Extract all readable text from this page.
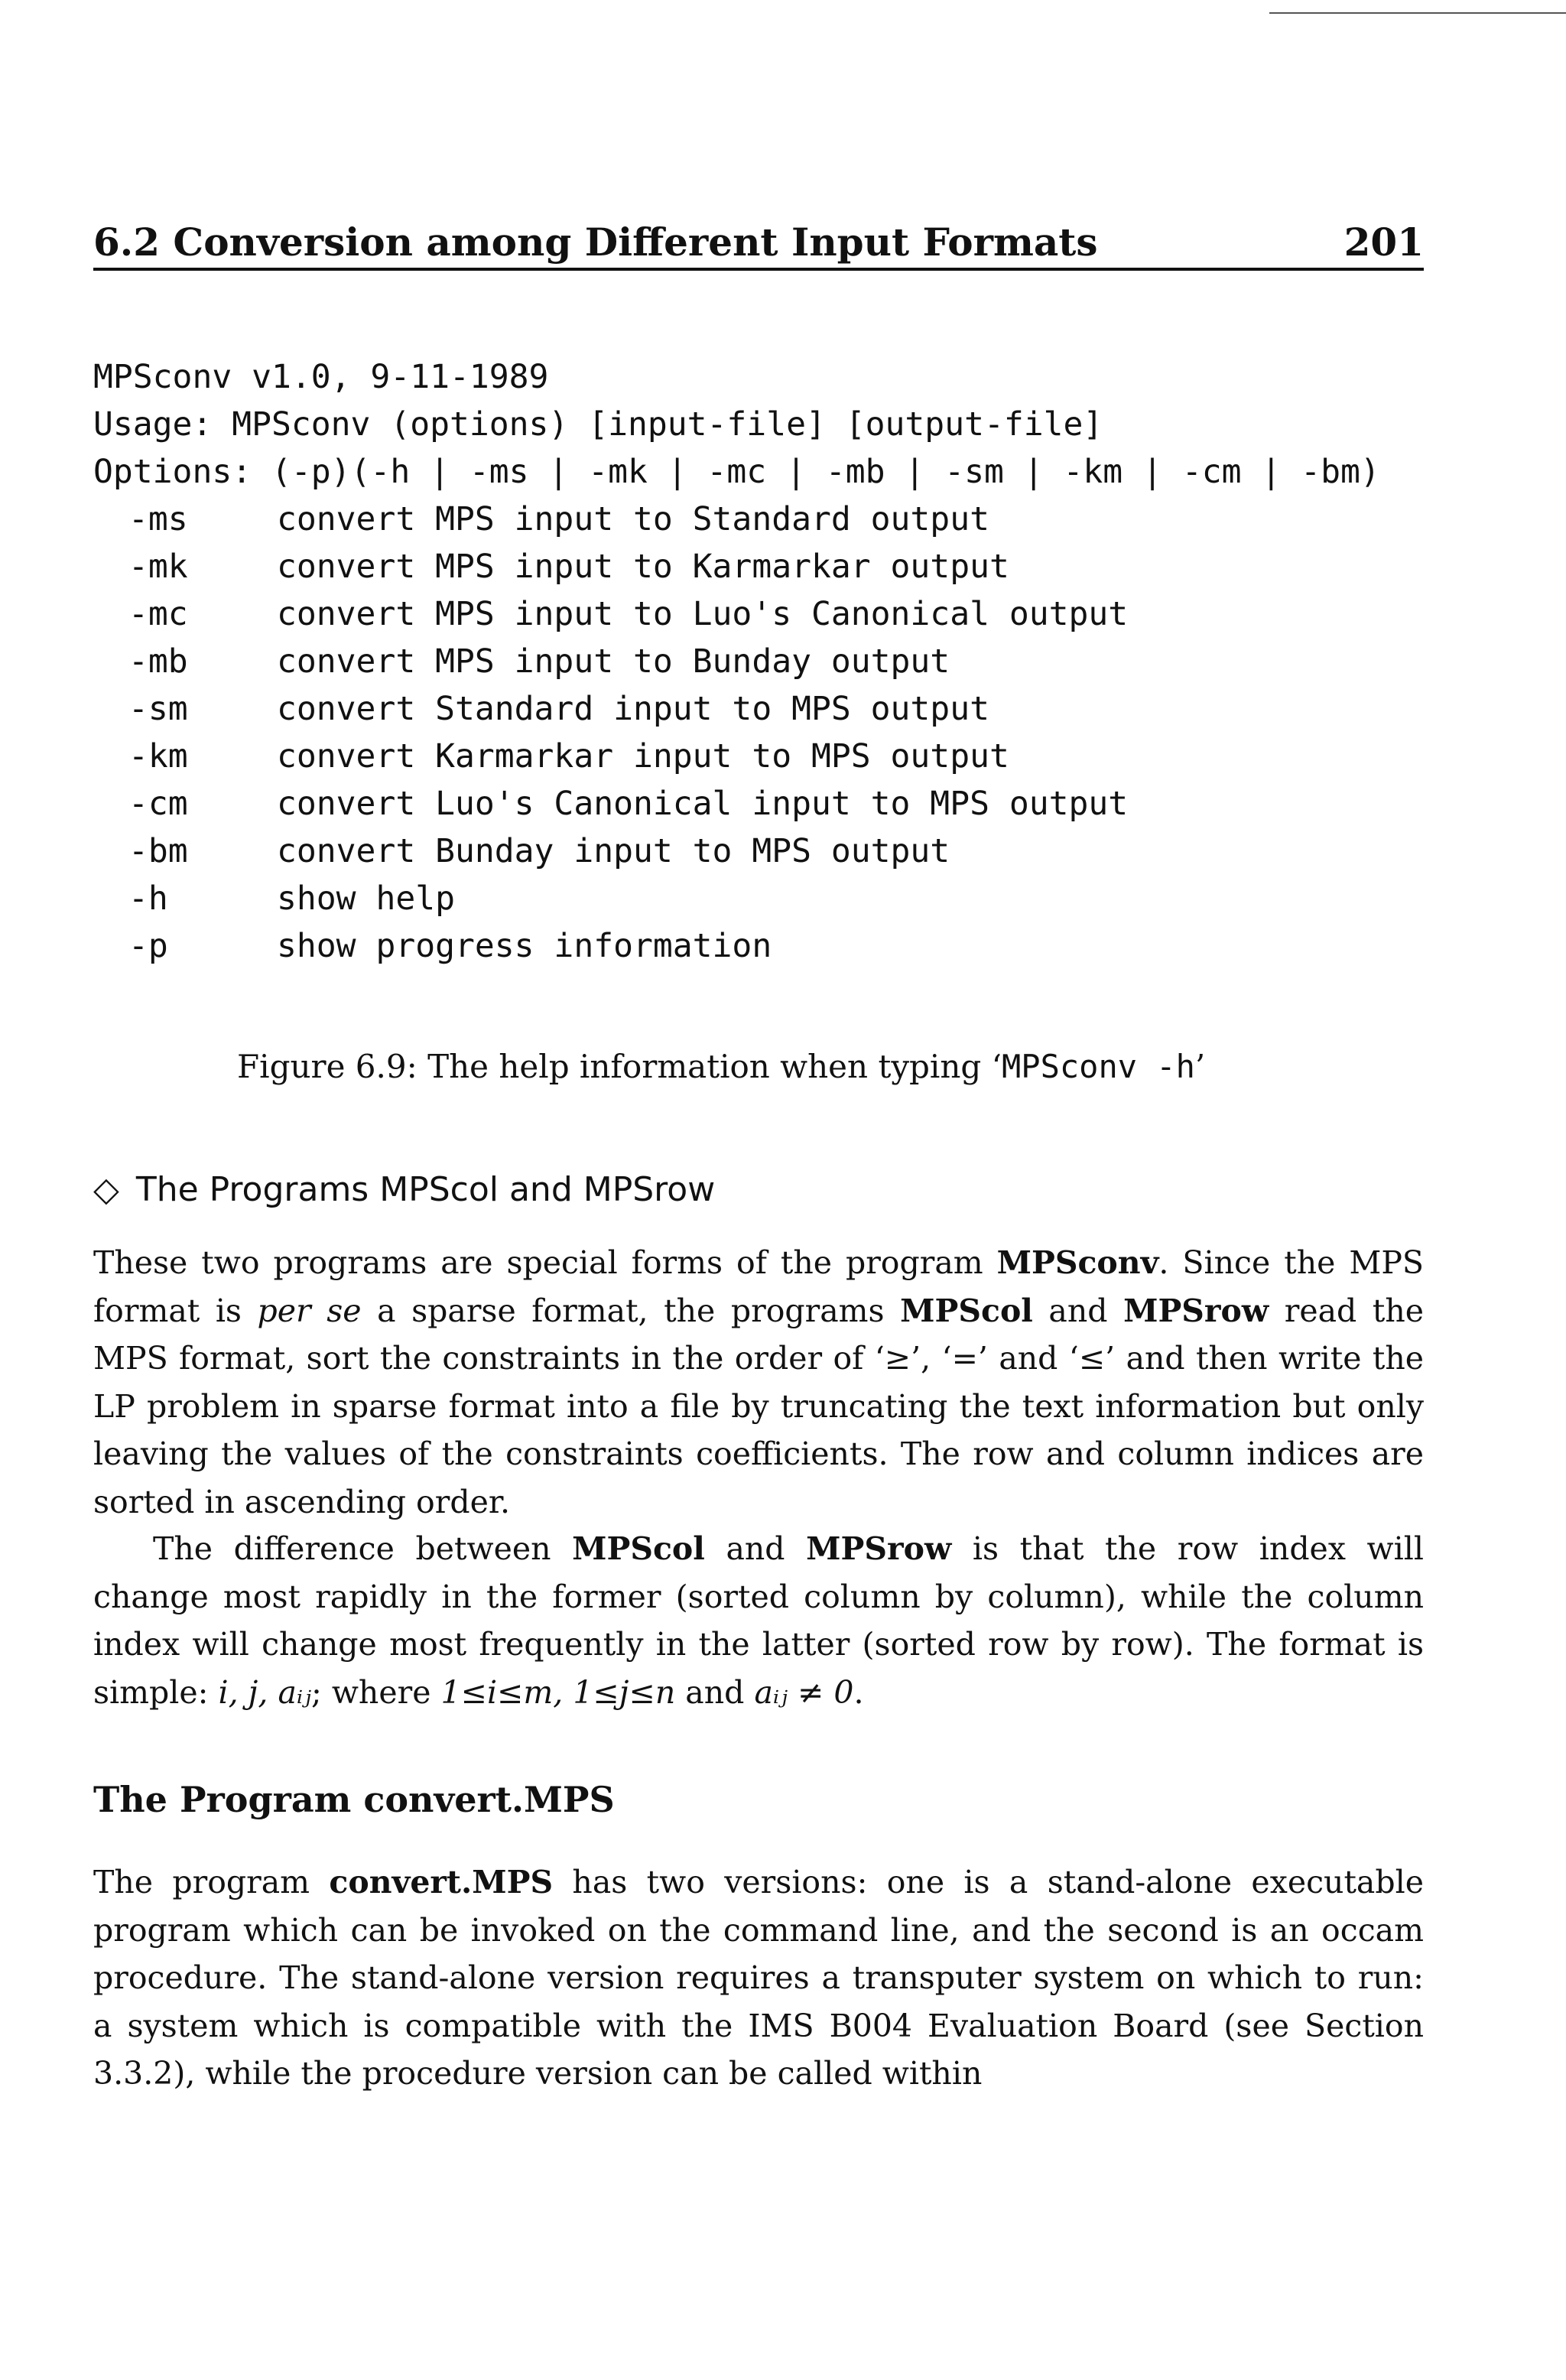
6.2 Conversion among Different Input Formats	201
MPSconv v1.0, 9-11-1989
Usage: MPSconv (options) [input-file] [output-file]
Options: (-p)(-h | -ms | -mk | -mc | -mb | -sm | -km | -cm | -bm)
-ms	convert MPS input to Standard output
-mk	convert MPS input to Karmarkar output
-mc	convert MPS input to Luo's Canonical output
-mb	convert MPS input to Bunday output
-sm	convert Standard input to MPS output
-km	convert Karmarkar input to MPS output
-cm	convert Luo's Canonical input to MPS output
-bm	convert Bunday input to MPS output
-h	show help
-p	show progress information
Figure 6.9: The help information when typing ‘MPSconv -h’
◇ The Programs MPScol and MPSrow
These two programs are special forms of the program MPSconv. Since the MPS format is per se a sparse format, the programs MPScol and MPSrow read the MPS format, sort the constraints in the order of ‘≥’, ‘=’ and ‘≤’ and then write the LP problem in sparse format into a file by truncating the text information but only leaving the values of the constraints coefficients. The row and column indices are sorted in ascending order.
The difference between MPScol and MPSrow is that the row index will change most rapidly in the former (sorted column by column), while the column index will change most frequently in the latter (sorted row by row). The format is simple: i, j, aᵢⱼ; where 1≤i≤m, 1≤j≤n and aᵢⱼ ≠ 0.
The Program convert.MPS
The program convert.MPS has two versions: one is a stand-alone executable program which can be invoked on the command line, and the second is an occam procedure. The stand-alone version requires a transputer system on which to run: a system which is compatible with the IMS B004 Evaluation Board (see Section 3.3.2), while the procedure version can be called within
